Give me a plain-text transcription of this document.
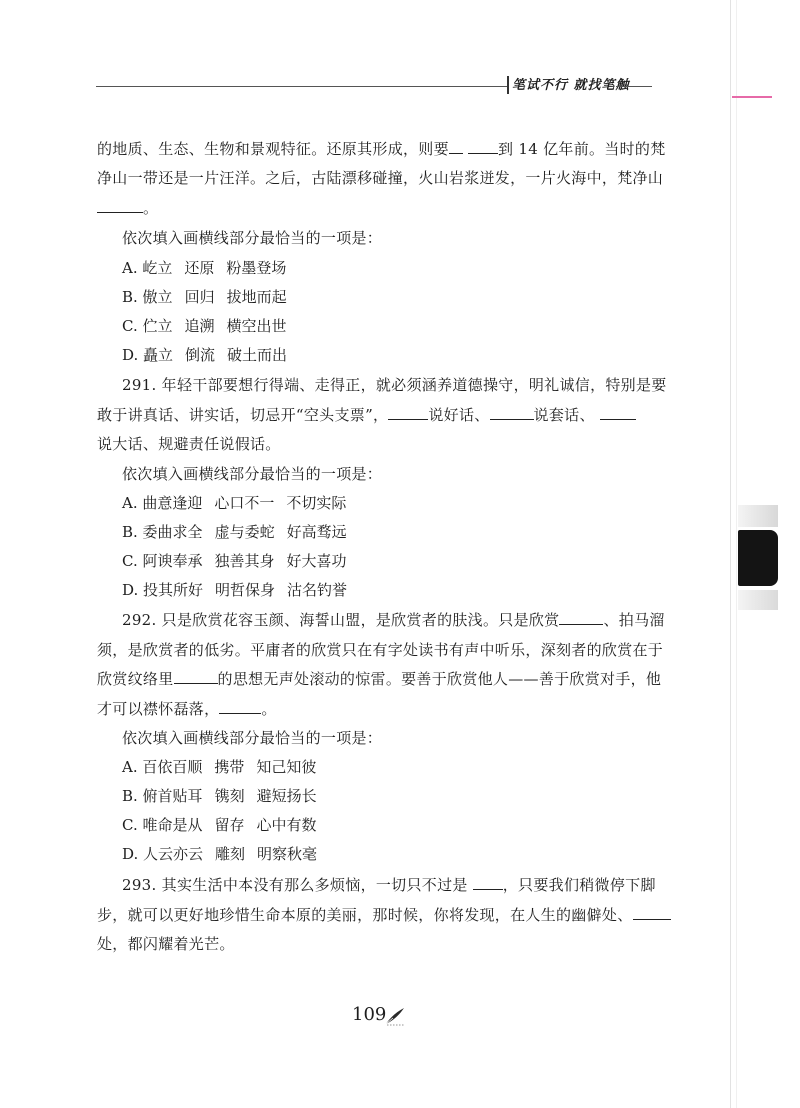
笔试不行 就找笔触
的地质、生态、生物和景观特征。还原其形成，则要	到 14 亿年前。当时的梵
净山一带还是一片汪洋。之后，古陆漂移碰撞，火山岩浆迸发，一片火海中，梵净山
。
依次填入画横线部分最恰当的一项是：
A. 屹立 还原 粉墨登场
B. 傲立 回归 拔地而起
C. 伫立 追溯 横空出世
D. 矗立 倒流 破土而出
291. 年轻干部要想行得端、走得正，就必须涵养道德操守，明礼诚信，特别是要
敢于讲真话、讲实话，切忌开“空头支票”，	说好话、	说套话、
说大话、规避责任说假话。
依次填入画横线部分最恰当的一项是：
A. 曲意逢迎 心口不一 不切实际
B. 委曲求全 虚与委蛇 好高骛远
C. 阿谀奉承 独善其身 好大喜功
D. 投其所好 明哲保身 沽名钓誉
292. 只是欣赏花容玉颜、海誓山盟，是欣赏者的肤浅。只是欣赏	、拍马溜
须，是欣赏者的低劣。平庸者的欣赏只在有字处读书有声中听乐，深刻者的欣赏在于
欣赏纹络里	的思想无声处滚动的惊雷。要善于欣赏他人——善于欣赏对手，他
才可以襟怀磊落，	。
依次填入画横线部分最恰当的一项是：
A. 百依百顺 携带 知己知彼
B. 俯首贴耳 镌刻 避短扬长
C. 唯命是从 留存 心中有数
D. 人云亦云 雕刻 明察秋毫
293. 其实生活中本没有那么多烦恼，一切只不过是 ，只要我们稍微停下脚
步，就可以更好地珍惜生命本原的美丽，那时候，你将发现，在人生的幽僻处、
处，都闪耀着光芒。
109
